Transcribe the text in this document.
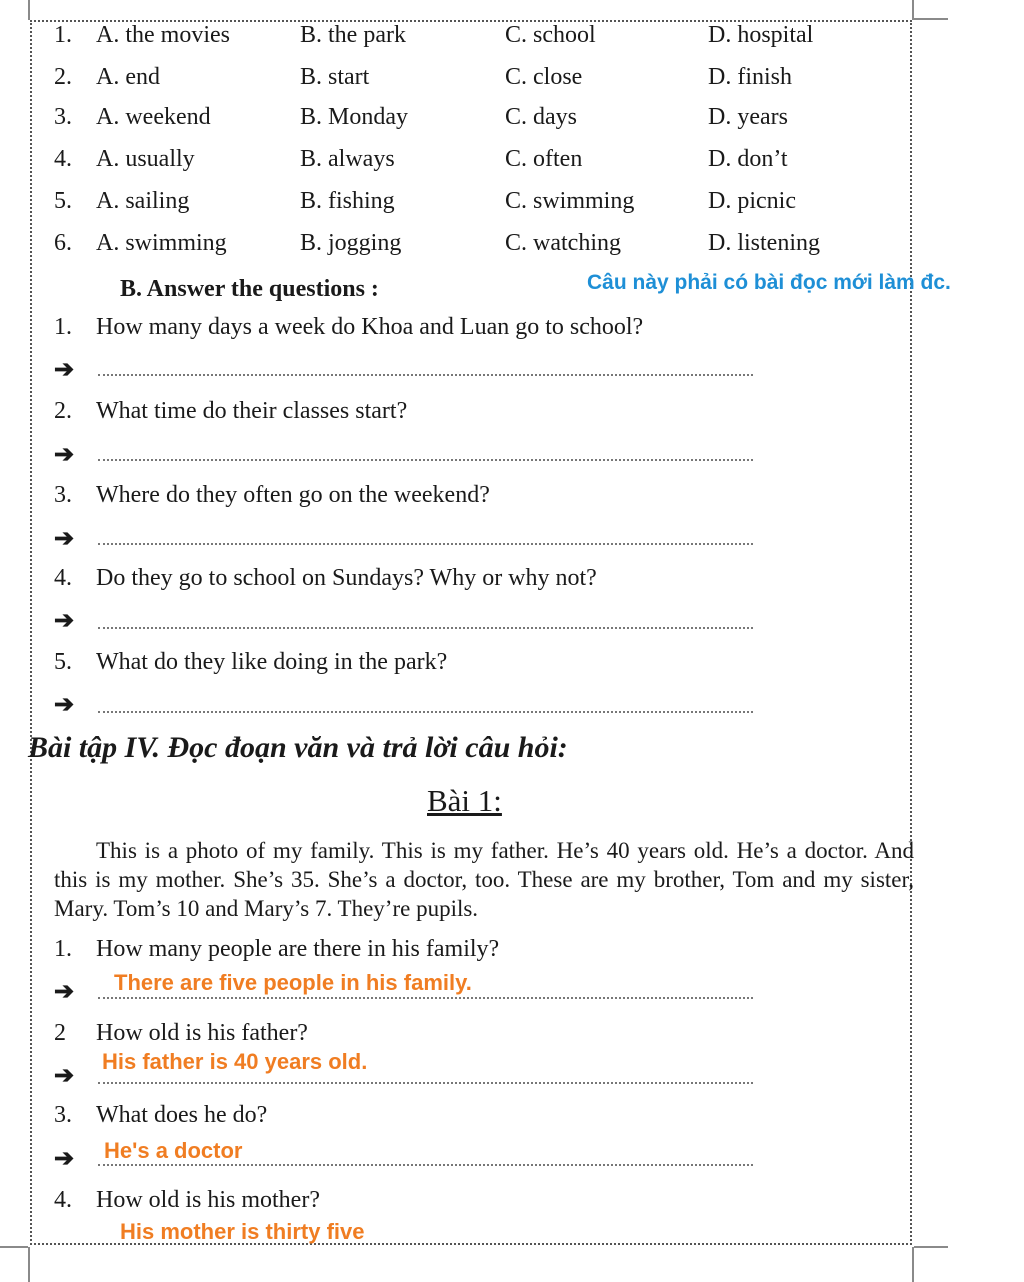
1. A. the movies	B. the park	C. school	D. hospital
2. A. end	B. start	C. close	D. finish
3. A. weekend	B. Monday	C. days	D. years
4. A. usually	B. always	C. often	D. don’t
5. A. sailing	B. fishing	C. swimming	D. picnic
6. A. swimming	B. jogging	C. watching	D. listening
B. Answer the questions :	Câu này phải có bài đọc mới làm đc.
1. How many days a week do Khoa and Luan go to school?
➔
2. What time do their classes start?
➔
3. Where do they often go on the weekend?
➔
4. Do they go to school on Sundays? Why or why not?
➔
5. What do they like doing in the park?
➔
Bài tập IV. Đọc đoạn văn và trả lời câu hỏi:
Bài 1:
This is a photo of my family. This is my father. He’s 40 years old. He’s a doctor. And this is my mother. She’s 35. She’s a doctor, too. These are my brother, Tom and my sister, Mary. Tom’s 10 and Mary’s 7. They’re pupils.
1. How many people are there in his family?
➔ There are five people in his family.
2 How old is his father?
➔
His father is 40 years old.
3. What does he do?
➔ He's a doctor
4. How old is his mother?
His mother is thirty five
